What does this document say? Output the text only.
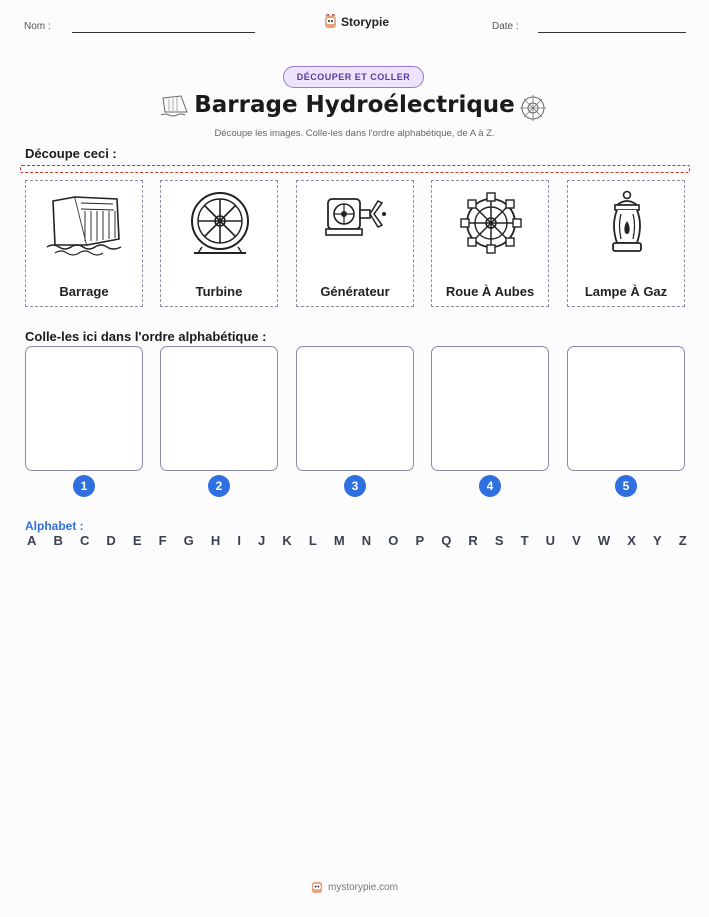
Nom :	Storypie	Date :
DÉCOUPER ET COLLER
Barrage Hydroélectrique
Découpe les images. Colle-les dans l'ordre alphabétique, de A à Z.
Découpe ceci :
Barrage	Turbine	Générateur	Roue À Aubes	Lampe À Gaz
Colle-les ici dans l'ordre alphabétique :
1	2	3	4	5
Alphabet :
A B C D E F G H I J K L M N O P Q R S T U V W X Y Z
mystorypie.com
